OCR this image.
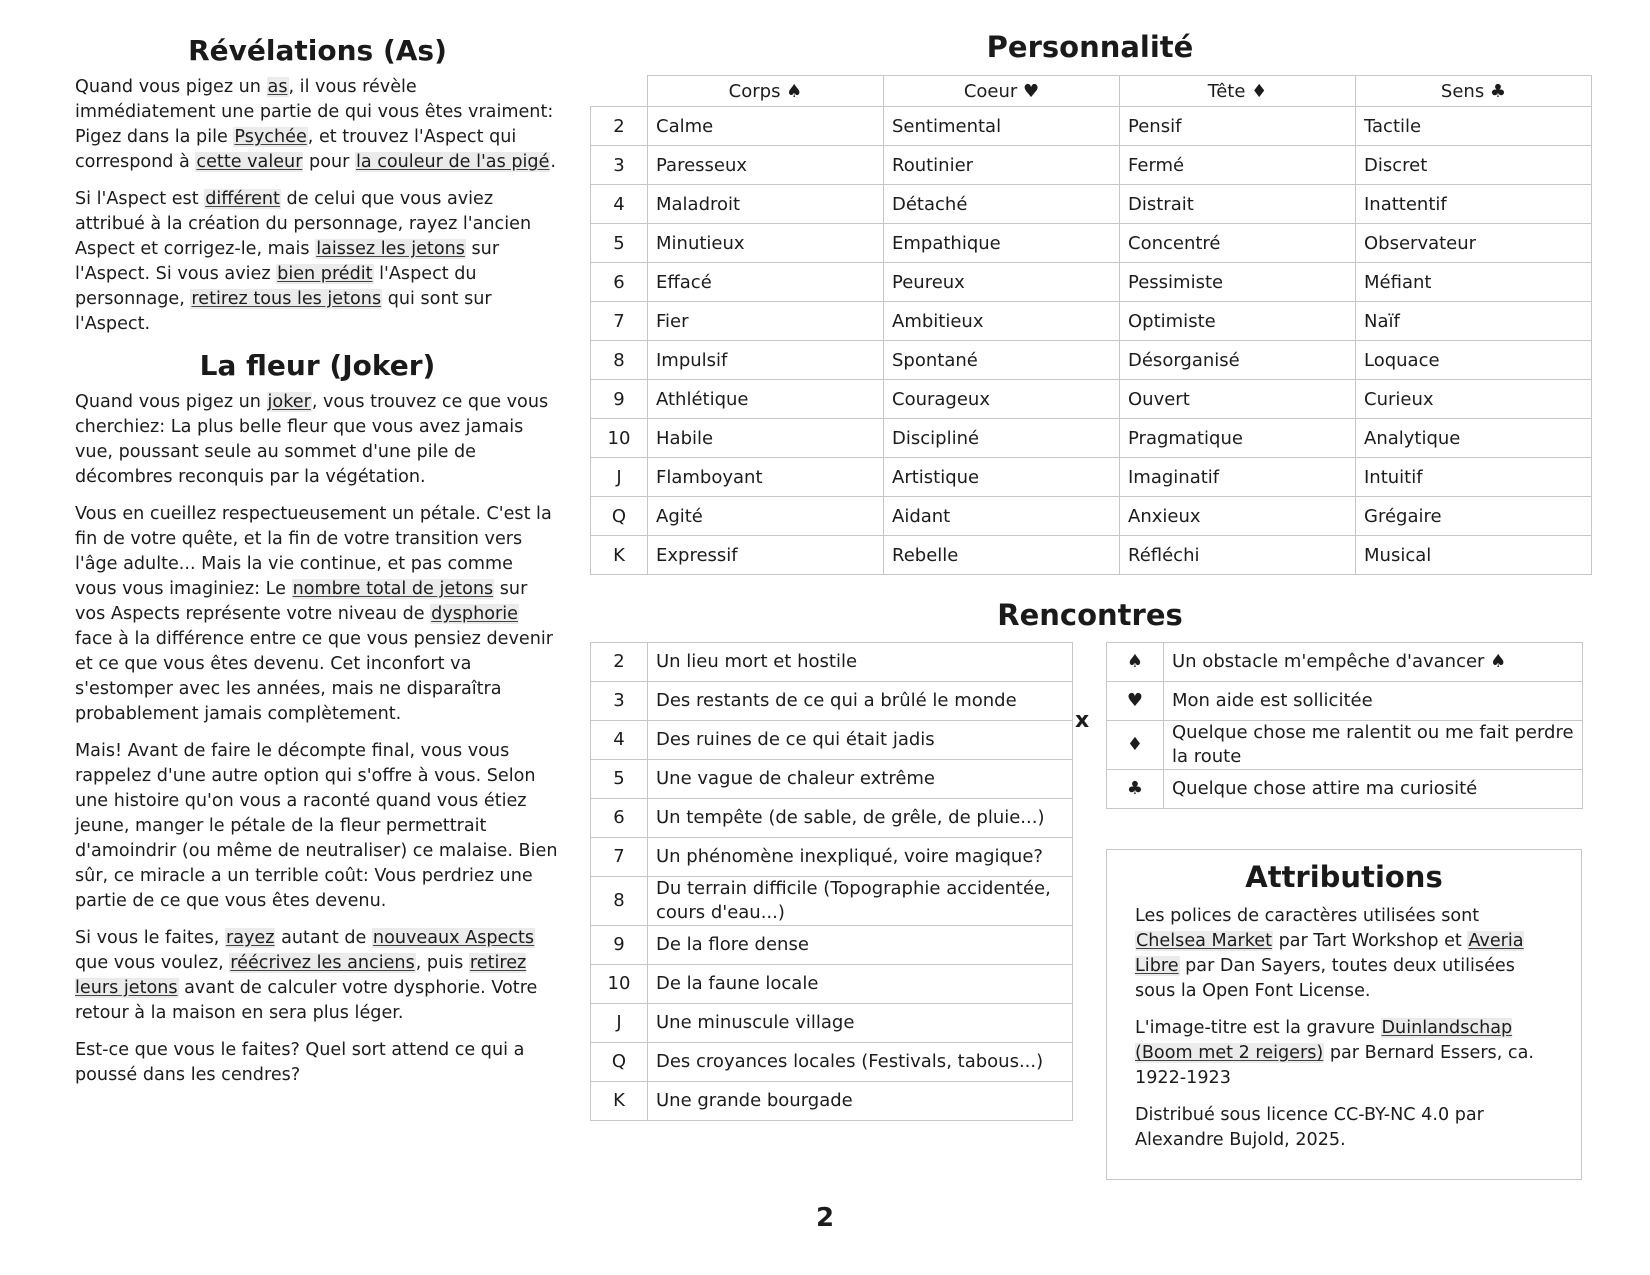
Révélations (As)

Quand vous pigez un as, il vous révèle immédiatement une partie de qui vous êtes vraiment: Pigez dans la pile Psychée, et trouvez l'Aspect qui correspond à cette valeur pour la couleur de l'as pigé.

Si l'Aspect est différent de celui que vous aviez attribué à la création du personnage, rayez l'ancien Aspect et corrigez-le, mais laissez les jetons sur l'Aspect. Si vous aviez bien prédit l'Aspect du personnage, retirez tous les jetons qui sont sur l'Aspect.

La fleur (Joker)

Quand vous pigez un joker, vous trouvez ce que vous cherchiez: La plus belle fleur que vous avez jamais vue, poussant seule au sommet d'une pile de décombres reconquis par la végétation.

Vous en cueillez respectueusement un pétale. C'est la fin de votre quête, et la fin de votre transition vers l'âge adulte... Mais la vie continue, et pas comme vous vous imaginiez: Le nombre total de jetons sur vos Aspects représente votre niveau de dysphorie face à la différence entre ce que vous pensiez devenir et ce que vous êtes devenu. Cet inconfort va s'estomper avec les années, mais ne disparaîtra probablement jamais complètement.

Mais! Avant de faire le décompte final, vous vous rappelez d'une autre option qui s'offre à vous. Selon une histoire qu'on vous a raconté quand vous étiez jeune, manger le pétale de la fleur permettrait d'amoindrir (ou même de neutraliser) ce malaise. Bien sûr, ce miracle a un terrible coût: Vous perdriez une partie de ce que vous êtes devenu.

Si vous le faites, rayez autant de nouveaux Aspects que vous voulez, réécrivez les anciens, puis retirez leurs jetons avant de calculer votre dysphorie. Votre retour à la maison en sera plus léger.

Est-ce que vous le faites? Quel sort attend ce qui a poussé dans les cendres?

Personnalité
	Corps ♠	Coeur ♥	Tête ♦	Sens ♣
2	Calme	Sentimental	Pensif	Tactile
3	Paresseux	Routinier	Fermé	Discret
4	Maladroit	Détaché	Distrait	Inattentif
5	Minutieux	Empathique	Concentré	Observateur
6	Effacé	Peureux	Pessimiste	Méfiant
7	Fier	Ambitieux	Optimiste	Naïf
8	Impulsif	Spontané	Désorganisé	Loquace
9	Athlétique	Courageux	Ouvert	Curieux
10	Habile	Discipliné	Pragmatique	Analytique
J	Flamboyant	Artistique	Imaginatif	Intuitif
Q	Agité	Aidant	Anxieux	Grégaire
K	Expressif	Rebelle	Réfléchi	Musical
Rencontres
2	Un lieu mort et hostile
3	Des restants de ce qui a brûlé le monde
4	Des ruines de ce qui était jadis
5	Une vague de chaleur extrême
6	Un tempête (de sable, de grêle, de pluie...)
7	Un phénomène inexpliqué, voire magique?
8	Du terrain difficile (Topographie accidentée, cours d'eau...)
9	De la flore dense
10	De la faune locale
J	Une minuscule village
Q	Des croyances locales (Festivals, tabous...)
K	Une grande bourgade
x
♠	Un obstacle m'empêche d'avancer ♠
♥	Mon aide est sollicitée
♦	Quelque chose me ralentit ou me fait perdre la route
♣	Quelque chose attire ma curiosité
Attributions

Les polices de caractères utilisées sont Chelsea Market par Tart Workshop et Averia Libre par Dan Sayers, toutes deux utilisées sous la Open Font License.

L'image-titre est la gravure Duinlandschap (Boom met 2 reigers) par Bernard Essers, ca. 1922-1923

Distribué sous licence CC-BY-NC 4.0 par Alexandre Bujold, 2025.

2
